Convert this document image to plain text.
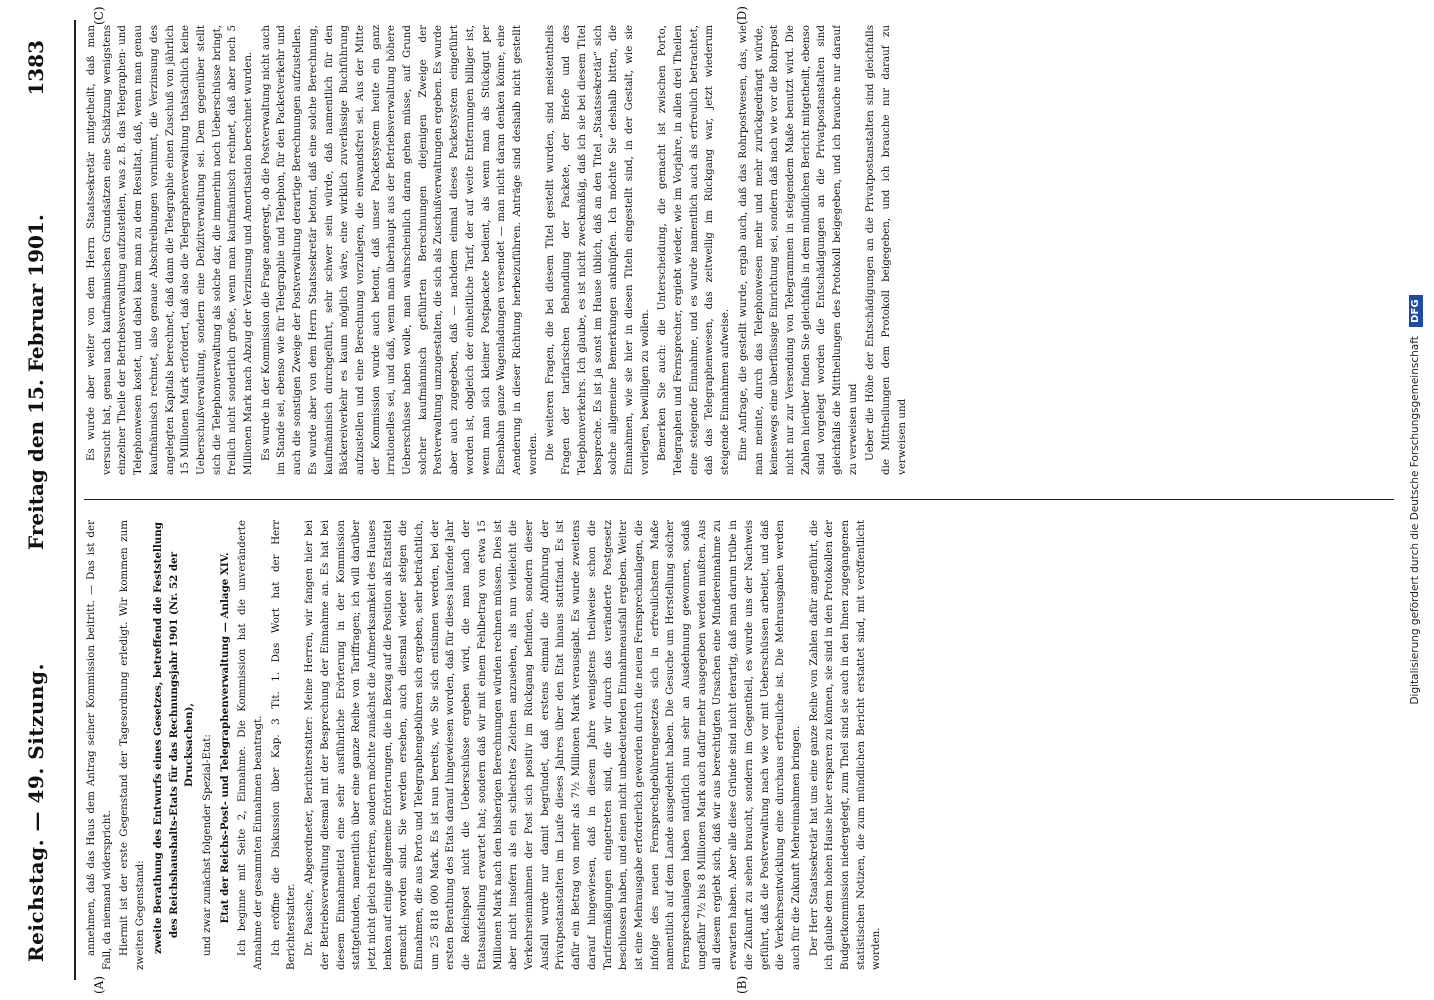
Reichstag. — 49. Sitzung.
Freitag den 15. Februar 1901.
1383
(A)	(B)
(C)	(D)

annehmen, daß das Haus dem Antrag seiner Kommission beitritt. — Das ist der Fall, da niemand widerspricht. Hiermit ist der erste Gegenstand der Tagesordnung erledigt. Wir kommen zum zweiten Gegenstand: zweite Berathung des Entwurfs eines Gesetzes, betreffend die Feststellung des Reichshaushalts-Etats für das Rechnungsjahr 1901 (Nr. 52 der Drucksachen), und zwar zunächst folgender Spezial-Etat: Etat der Reichs-Post- und Telegraphenverwaltung — Anlage XIV. Ich beginne mit Seite 2, Einnahme. Die Kommission hat die unveränderte Annahme der gesammten Einnahmen beantragt. Ich eröffne die Diskussion über Kap. 3 Tit. 1. Das Wort hat der Herr Berichterstatter. Dr. Paasche, Abgeordneter, Berichterstatter: Meine Herren, wir fangen hier bei der Betriebsverwaltung diesmal mit der Besprechung der Einnahme an. Es hat bei diesem Einnahmetitel eine sehr ausführliche Erörterung in der Kommission stattgefunden, namentlich über eine ganze Reihe von Tariffragen; ich will darüber jetzt nicht gleich referiren, sondern möchte zunächst die Aufmerksamkeit des Hauses lenken auf einige allgemeine Erörterungen, die in Bezug auf die Position als Etatstitel gemacht worden sind. Sie werden ersehen, auch diesmal wieder steigen die Einnahmen, die aus Porto und Telegraphengebühren sich ergeben, sehr beträchtlich, um 25 818 000 Mark. Es ist nun bereits, wie Sie sich entsinnen werden, bei der ersten Berathung des Etats darauf hingewiesen worden, daß für dieses laufende Jahr die Reichspost nicht die Ueberschüsse ergeben wird, die man nach der Etatsaufstellung erwartet hat; sondern daß wir mit einem Fehlbetrag von etwa 15 Millionen Mark nach den bisherigen Berechnungen würden rechnen müssen. Dies ist aber nicht insofern als ein schlechtes Zeichen anzusehen, als nun vielleicht die Verkehrseinnahmen der Post sich positiv im Rückgang befinden, sondern dieser Ausfall wurde nur damit begründet, daß erstens einmal die Abführung der Privatpostanstalten im Laufe dieses Jahres über den Etat hinaus stattfand. Es ist dafür ein Betrag von mehr als 7½ Millionen Mark verausgabt. Es wurde zweitens darauf hingewiesen, daß in diesem Jahre wenigstens theilweise schon die Tarifermäßigungen eingetreten sind, die wir durch das veränderte Postgesetz beschlossen haben, und einen nicht unbedeutenden Einnahmeausfall ergeben. Weiter ist eine Mehrausgabe erforderlich geworden durch die neuen Fernsprechanlagen, die infolge des neuen Fernsprechgebührengesetzes sich in erfreulichstem Maße namentlich auf dem Lande ausgedehnt haben. Die Gesuche um Herstellung solcher Fernsprechanlagen haben natürlich nun sehr an Ausdehnung gewonnen, sodaß ungefähr 7½ bis 8 Millionen Mark auch dafür mehr ausgegeben werden mußten. Aus all diesem ergiebt sich, daß wir aus berechtigten Ursachen eine Mindereinnahme zu erwarten haben. Aber alle diese Gründe sind nicht derartig, daß man darum trübe in die Zukunft zu sehen braucht, sondern im Gegentheil, es wurde uns der Nachweis geführt, daß die Postverwaltung nach wie vor mit Ueberschüssen arbeitet, und daß die Verkehrsentwicklung eine durchaus erfreuliche ist. Die Mehrausgaben werden auch für die Zukunft Mehreinnahmen bringen. Der Herr Staatssekretär hat uns eine ganze Reihe von Zahlen dafür angeführt, die ich glaube dem hohen Hause hier ersparen zu können, sie sind in den Protokollen der Budgetkommission niedergelegt, zum Theil sind sie auch in den Ihnen zugegangenen statistischen Notizen, die zum mündlichen Bericht erstattet sind, mit veröffentlicht worden.

Es wurde aber weiter von dem Herrn Staatssekretär mitgetheilt, daß man versucht hat, genau nach kaufmännischen Grundsätzen eine Schätzung wenigstens einzelner Theile der Betriebsverwaltung aufzustellen, was z. B. das Telegraphen- und Telephonwesen kostet, und dabei kam man zu dem Resultat, daß, wenn man genau kaufmännisch rechnet, also genaue Abschreibungen vornimmt, die Verzinsung des angelegten Kapitals berechnet, daß dann die Telegraphie einen Zuschuß von jährlich 15 Millionen Mark erfordert, daß also die Telegraphenverwaltung thatsächlich keine Ueberschußverwaltung, sondern eine Defizitverwaltung sei. Dem gegenüber stellt sich die Telephonverwaltung als solche dar, die immerhin noch Ueberschüsse bringt, freilich nicht sonderlich große, wenn man kaufmännisch rechnet, daß aber noch 5 Millionen Mark nach Abzug der Verzinsung und Amortisation berechnet wurden. Es wurde in der Kommission die Frage angeregt, ob die Postverwaltung nicht auch im Stande sei, ebenso wie für Telegraphie und Telephon, für den Packetverkehr und auch die sonstigen Zweige der Postverwaltung derartige Berechnungen aufzustellen. Es wurde aber von dem Herrn Staatssekretär betont, daß eine solche Berechnung, kaufmännisch durchgeführt, sehr schwer sein würde, daß namentlich für den Bäckereiverkehr es kaum möglich wäre, eine wirklich zuverlässige Buchführung aufzustellen und eine Berechnung vorzulegen, die einwandsfrei sei. Aus der Mitte der Kommission wurde auch betont, daß unser Packetsystem heute ein ganz irrationelles sei, und daß, wenn man überhaupt aus der Betriebsverwaltung höhere Ueberschüsse haben wolle, man wahrscheinlich daran gehen müsse, auf Grund solcher kaufmännisch geführten Berechnungen diejenigen Zweige der Postverwaltung umzugestalten, die sich als Zuschußverwaltungen ergeben. Es wurde aber auch zugegeben, daß — nachdem einmal dieses Packetsystem eingeführt worden ist, obgleich der einheitliche Tarif, der auf weite Entfernungen billiger ist, wenn man sich kleiner Postpackete bedient, als wenn man als Stückgut per Eisenbahn ganze Wagenladungen versendet — man nicht daran denken könne, eine Aenderung in dieser Richtung herbeizuführen. Anträge sind deshalb nicht gestellt worden. Die weiteren Fragen, die bei diesem Titel gestellt wurden, sind meistentheils Fragen der tarifarischen Behandlung der Packete, der Briefe und des Telephonverkehrs. Ich glaube, es ist nicht zweckmäßig, daß ich sie bei diesem Titel bespreche. Es ist ja sonst im Hause üblich, daß an den Titel „Staatssekretär“ sich solche allgemeine Bemerkungen anknüpfen. Ich möchte Sie deshalb bitten, die Einnahmen, wie sie hier in diesen Titeln eingestellt sind, in der Gestalt, wie sie vorliegen, bewilligen zu wollen. Bemerken Sie auch: die Unterscheidung, die gemacht ist zwischen Porto, Telegraphen und Fernsprecher, ergiebt wieder, wie im Vorjahre, in allen drei Theilen eine steigende Einnahme, und es wurde namentlich auch als erfreulich betrachtet, daß das Telegraphenwesen, das zeitweilig im Rückgang war, jetzt wiederum steigende Einnahmen aufweise. Eine Anfrage, die gestellt wurde, ergab auch, daß das Rohrpostwesen, das, wie man meinte, durch das Telephonwesen mehr und mehr zurückgedrängt würde, keineswegs eine überflüssige Einrichtung sei, sondern daß nach wie vor die Rohrpost nicht nur zur Versendung von Telegrammen in steigendem Maße benutzt wird. Die Zahlen hierüber finden Sie gleichfalls in dem mündlichen Bericht mitgetheilt, ebenso sind vorgelegt worden die Entschädigungen an die Privatpostanstalten sind gleichfalls die Mittheilungen des Protokoll beigegeben, und ich brauche nur darauf zu verweisen und Ueber die Höhe der Entschädigungen an die Privatpostanstalten sind gleichfalls die Mittheilungen dem Protokoll beigegeben, und ich brauche nur darauf zu verweisen und	Digitalisierung gefördert durch die Deutsche Forschungsgemeinschaft DFG
